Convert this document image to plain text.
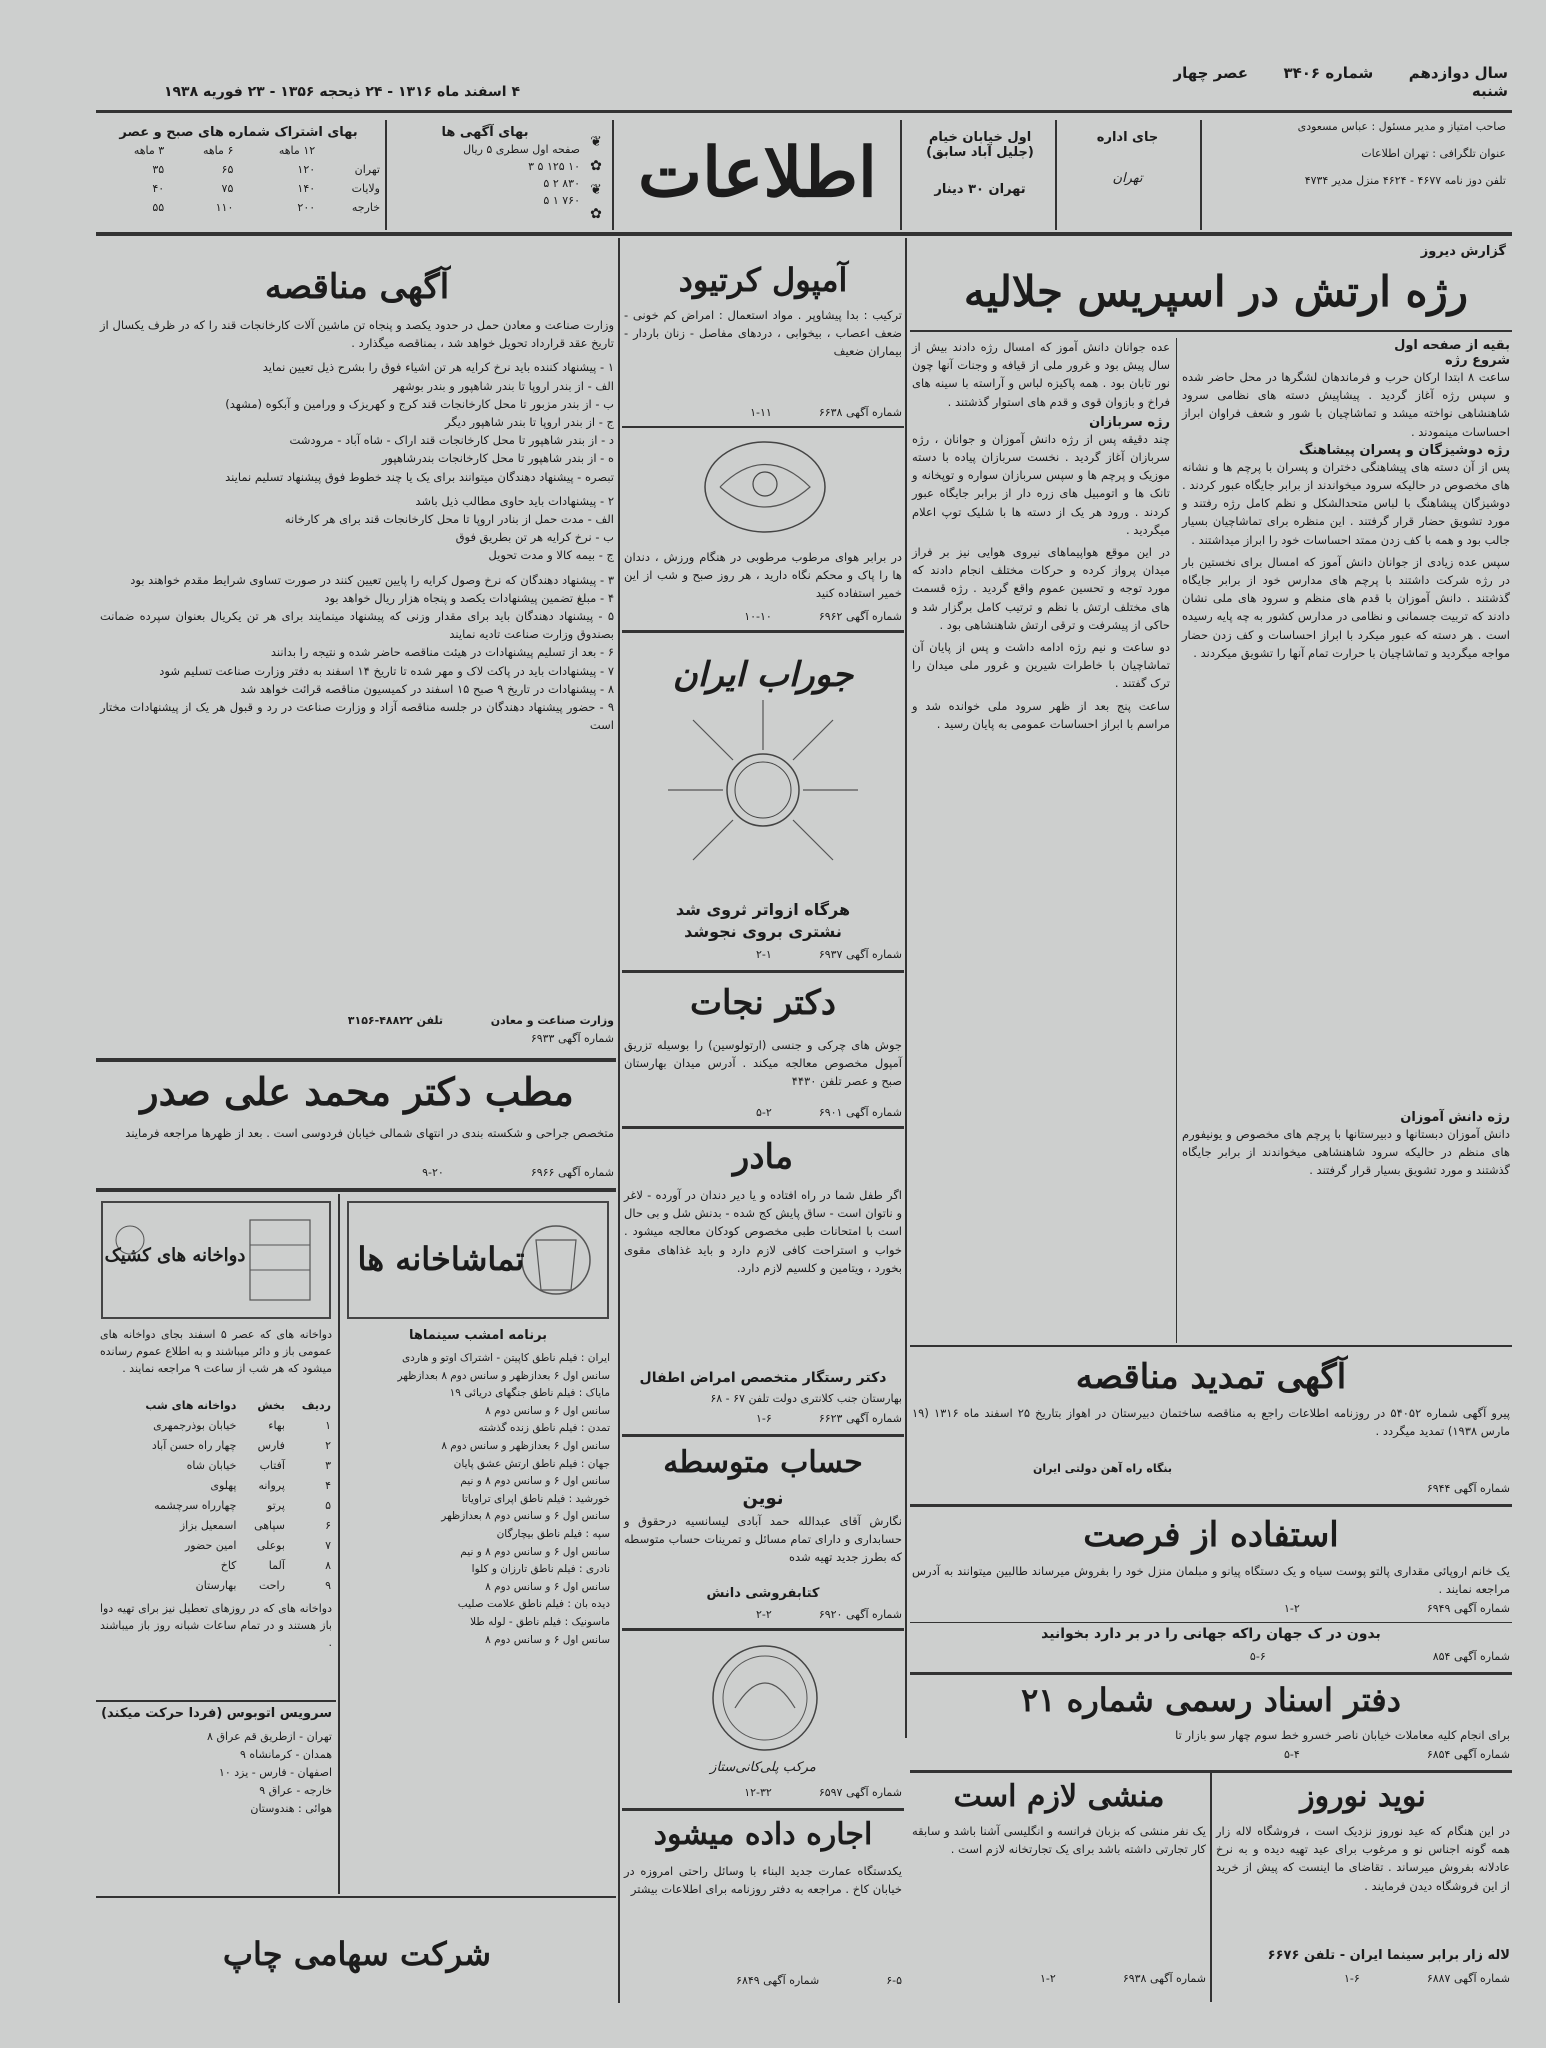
سال دوازدهم  شماره ۳۴۰۶  عصر چهار شنبه
۴ اسفند ماه ۱۳۱۶ - ۲۴ ذیحجه ۱۳۵۶ - ۲۳ فوریه ۱۹۳۸
صاحب امتیاز و مدیر مسئول : عباس مسعودی
عنوان تلگرافی : تهران اطلاعات
تلفن دوز نامه ۴۶۷۷ - ۴۶۲۴ منزل مدیر ۴۷۳۴
جای اداره
تهران
اول خیابان خیام (جلیل آباد سابق)
تهران ۳۰ دینار
اطلاعات
❦
✿
❦
✿
بهای آگهی ها
صفحه اول سطری ۵ ریال
۱۰ ۱۲۵ ۵ ۳
۸۳۰ ۲ ۵
۷۶۰ ۱ ۵
بهای اشتراک شماره های صبح و عصر
	۱۲ ماهه	۶ ماهه	۳ ماهه
تهران	۱۲۰	۶۵	۳۵
ولایات	۱۴۰	۷۵	۴۰
خارجه	۲۰۰	۱۱۰	۵۵
گزارش دیروز
رژه ارتش در اسپریس جلالیه
بقیه از صفحه اول
شروع رژه

ساعت ۸ ابتدا ارکان حرب و فرماندهان لشگرها در محل حاضر شده و سپس رژه آغاز گردید . پیشاپیش دسته های نظامی سرود شاهنشاهی نواخته میشد و تماشاچیان با شور و شعف فراوان ابراز احساسات مینمودند .

رژه دوشیزگان و پسران پیشاهنگ

پس از آن دسته های پیشاهنگی دختران و پسران با پرچم ها و نشانه های مخصوص در حالیکه سرود میخواندند از برابر جایگاه عبور کردند . دوشیزگان پیشاهنگ با لباس متحدالشکل و نظم کامل رژه رفتند و مورد تشویق حضار قرار گرفتند . این منظره برای تماشاچیان بسیار جالب بود و همه با کف زدن ممتد احساسات خود را ابراز میداشتند .

سپس عده زیادی از جوانان دانش آموز که امسال برای نخستین بار در رژه شرکت داشتند با پرچم های مدارس خود از برابر جایگاه گذشتند . دانش آموزان با قدم های منظم و سرود های ملی نشان دادند که تربیت جسمانی و نظامی در مدارس کشور به چه پایه رسیده است . هر دسته که عبور میکرد با ابراز احساسات و کف زدن حضار مواجه میگردید و تماشاچیان با حرارت تمام آنها را تشویق میکردند .

عده جوانان دانش آموز که امسال رژه دادند بیش از سال پیش بود و غرور ملی از قیافه و وجنات آنها چون نور تابان بود . همه پاکیزه لباس و آراسته با سینه های فراخ و بازوان قوی و قدم های استوار گذشتند .

رژه سربازان

چند دقیقه پس از رژه دانش آموزان و جوانان ، رژه سربازان آغاز گردید . نخست سربازان پیاده با دسته موزیک و پرچم ها و سپس سربازان سواره و توپخانه و تانک ها و اتومبیل های زره دار از برابر جایگاه عبور کردند . ورود هر یک از دسته ها با شلیک توپ اعلام میگردید .

در این موقع هواپیماهای نیروی هوایی نیز بر فراز میدان پرواز کرده و حرکات مختلف انجام دادند که مورد توجه و تحسین عموم واقع گردید . رژه قسمت های مختلف ارتش با نظم و ترتیب کامل برگزار شد و حاکی از پیشرفت و ترقی ارتش شاهنشاهی بود .

دو ساعت و نیم رژه ادامه داشت و پس از پایان آن تماشاچیان با خاطرات شیرین و غرور ملی میدان را ترک گفتند .

ساعت پنج بعد از ظهر سرود ملی خوانده شد و مراسم با ابراز احساسات عمومی به پایان رسید .

رژه دانش آموزان

دانش آموزان دبستانها و دبیرستانها با پرچم های مخصوص و یونیفورم های منظم در حالیکه سرود شاهنشاهی میخواندند از برابر جایگاه گذشتند و مورد تشویق بسیار قرار گرفتند .

آگهی تمدید مناقصه

پیرو آگهی شماره ۵۴۰۵۲ در روزنامه اطلاعات راجع به مناقصه ساختمان دبیرستان در اهواز بتاریخ ۲۵ اسفند ماه ۱۳۱۶ (۱۹ مارس ۱۹۳۸) تمدید میگردد .

بنگاه راه آهن دولتی ایران
شماره آگهی ۶۹۴۴
استفاده از فرصت

یک خانم اروپائی مقداری پالتو پوست سیاه و یک دستگاه پیانو و مبلمان منزل خود را بفروش میرساند طالبین میتوانند به آدرس مراجعه نمایند .

شماره آگهی ۶۹۴۹  ۲-۱
بدون در ک جهان راکه جهانی را در بر دارد بخوانید
شماره آگهی ۸۵۴  ۶-۵
دفتر اسناد رسمی شماره ۲۱

برای انجام کلیه معاملات خیابان ناصر خسرو خط سوم چهار سو بازار تا

شماره آگهی ۶۸۵۴  ۴-۵
نوید نوروز

در این هنگام که عید نوروز نزدیک است ، فروشگاه لاله زار همه گونه اجناس نو و مرغوب برای عید تهیه دیده و به نرخ عادلانه بفروش میرساند . تقاضای ما اینست که پیش از خرید از این فروشگاه دیدن فرمایند .

لاله زار برابر سینما ایران - تلفن ۶۶۷۶
شماره آگهی ۶۸۸۷  ۶-۱
منشی لازم است

یک نفر منشی که بزبان فرانسه و انگلیسی آشنا باشد و سابقه کار تجارتی داشته باشد برای یک تجارتخانه لازم است .

شماره آگهی ۶۹۳۸  ۲-۱
آمپول کرتیود

ترکیب : بدا پیشاوپر . مواد استعمال : امراض کم خونی - ضعف اعصاب ، بیخوابی ، دردهای مفاصل - زنان باردار - بیماران ضعیف

شماره آگهی ۶۶۳۸  ۱۱-۱

در برابر هوای مرطوب مرطوبی در هنگام ورزش ، دندان ها را پاک و محکم نگاه دارید ، هر روز صبح و شب از این خمیر استفاده کنید

شماره آگهی ۶۹۶۲  ۱۰-۱۰
جوراب ایران
هرگاه ازواتر ثروی شد
نشتری بروی نجوشد
شماره آگهی ۶۹۳۷  ۱-۲
دکتر نجات

جوش های چرکی و جنسی (ارتولوسین) را بوسیله تزریق آمپول مخصوص معالجه میکند . آدرس میدان بهارستان صبح و عصر تلفن ۴۴۳۰

شماره آگهی ۶۹۰۱  ۲-۵
مادر

اگر طفل شما در راه افتاده و یا دیر دندان در آورده - لاغر و ناتوان است - ساق پایش کج شده - بدنش شل و بی حال است با امتحانات طبی مخصوص کودکان معالجه میشود . خواب و استراحت کافی لازم دارد و باید غذاهای مقوی بخورد ، ویتامین و کلسیم لازم دارد.

دکتر رستگار متخصص امراض اطفال
بهارستان جنب کلانتری دولت تلفن ۶۷ - ۶۸
شماره آگهی ۶۶۲۳  ۶-۱
حساب متوسطه
نوین

نگارش آقای عبدالله حمد آبادی لیسانسیه درحقوق و حسابداری و دارای تمام مسائل و تمرینات حساب متوسطه که بطرز جدید تهیه شده

کتابفروشی دانش
شماره آگهی ۶۹۲۰  ۲-۲
مرکب پلی‌کانی‌ستاز
شماره آگهی ۶۵۹۷  ۳۲-۱۲
اجاره داده میشود

یکدستگاه عمارت جدید البناء با وسائل راحتی امروزه در خیابان کاخ . مراجعه به دفتر روزنامه برای اطلاعات بیشتر

۶-۵  شماره آگهی ۶۸۴۹
آگهی مناقصه

وزارت صناعت و معادن حمل در حدود یکصد و پنجاه تن ماشین آلات کارخانجات قند را که در ظرف یکسال از تاریخ عقد قرارداد تحویل خواهد شد ، بمناقصه میگذارد .

۱ - پیشنهاد کننده باید نرخ کرایه هر تن اشیاء فوق را بشرح ذیل تعیین نماید

الف - از بندر اروپا تا بندر شاهپور و بندر بوشهر

ب - از بندر مزبور تا محل کارخانجات قند کرج و کهریزک و ورامین و آبکوه (مشهد)

ج - از بندر اروپا تا بندر شاهپور دیگر

د - از بندر شاهپور تا محل کارخانجات قند اراک - شاه آباد - مرودشت

ه - از بندر شاهپور تا محل کارخانجات بندرشاهپور

تبصره - پیشنهاد دهندگان میتوانند برای یک یا چند خطوط فوق پیشنهاد تسلیم نمایند

۲ - پیشنهادات باید حاوی مطالب ذیل باشد

الف - مدت حمل از بنادر اروپا تا محل کارخانجات قند برای هر کارخانه

ب - نرخ کرایه هر تن بطریق فوق

ج - بیمه کالا و مدت تحویل

۳ - پیشنهاد دهندگان که نرخ وصول کرایه را پایین تعیین کنند در صورت تساوی شرایط مقدم خواهند بود

۴ - مبلغ تضمین پیشنهادات یکصد و پنجاه هزار ریال خواهد بود

۵ - پیشنهاد دهندگان باید برای مقدار وزنی که پیشنهاد مینمایند برای هر تن یکریال بعنوان سپرده ضمانت بصندوق وزارت صناعت تادیه نمایند

۶ - بعد از تسلیم پیشنهادات در هیئت مناقصه حاضر شده و نتیجه را بدانند

۷ - پیشنهادات باید در پاکت لاک و مهر شده تا تاریخ ۱۴ اسفند به دفتر وزارت صناعت تسلیم شود

۸ - پیشنهادات در تاریخ ۹ صبح ۱۵ اسفند در کمیسیون مناقصه قرائت خواهد شد

۹ - حضور پیشنهاد دهندگان در جلسه مناقصه آزاد و وزارت صناعت در رد و قبول هر یک از پیشنهادات مختار است

وزارت صناعت و معادن  تلفن ۴۸۸۲۲-۳۱۵۶
شماره آگهی ۶۹۳۳
مطب دکتر محمد علی صدر

متخصص جراحی و شکسته بندی در انتهای شمالی خیابان فردوسی است . بعد از ظهرها مراجعه فرمایند

شماره آگهی ۶۹۶۶  ۲۰-۹
تماشاخانه ها
برنامه امشب سینماها
ایران : فیلم ناطق کاپیتن - اشتراک اوتو و هاردی
سانس اول ۶ بعدازظهر و سانس دوم ۸ بعدازظهر
مایاک : فیلم ناطق جنگهای دریائی ۱۹
سانس اول ۶ و سانس دوم ۸
تمدن : فیلم ناطق زنده گذشته
سانس اول ۶ بعدازظهر و سانس دوم ۸
جهان : فیلم ناطق ارتش عشق پایان
سانس اول ۶ و سانس دوم ۸ و نیم
خورشید : فیلم ناطق اپرای تراویاتا
سانس اول ۶ و سانس دوم ۸ بعدازظهر
سپه : فیلم ناطق بیچارگان
سانس اول ۶ و سانس دوم ۸ و نیم
نادری : فیلم ناطق تارزان و کلوا
سانس اول ۶ و سانس دوم ۸
دیده بان : فیلم ناطق علامت صلیب
ماسونیک : فیلم ناطق - لوله طلا
سانس اول ۶ و سانس دوم ۸
دواخانه های کشیک

دواخانه های که عصر ۵ اسفند بجای دواخانه های عمومی باز و دائر میباشند و به اطلاع عموم رسانده میشود که هر شب از ساعت ۹ مراجعه نمایند .

ردیف	بخش	دواخانه های شب
۱	بهاء	خیابان بوذرجمهری
۲	فارس	چهار راه حسن آباد
۳	آفتاب	خیابان شاه
۴	پروانه	پهلوی
۵	پرتو	چهارراه سرچشمه
۶	سپاهی	اسمعیل بزاز
۷	بوعلی	امین حضور
۸	آلما	کاخ
۹	راحت	بهارستان

دواخانه های که در روزهای تعطیل نیز برای تهیه دوا باز هستند و در تمام ساعات شبانه روز باز میباشند .

سرویس اتوبوس (فردا حرکت میکند)
تهران - ازطریق قم عراق ۸
همدان - کرمانشاه ۹
اصفهان - فارس - یزد ۱۰
خارجه - عراق ۹
هوائی : هندوستان
شرکت سهامی چاپ
